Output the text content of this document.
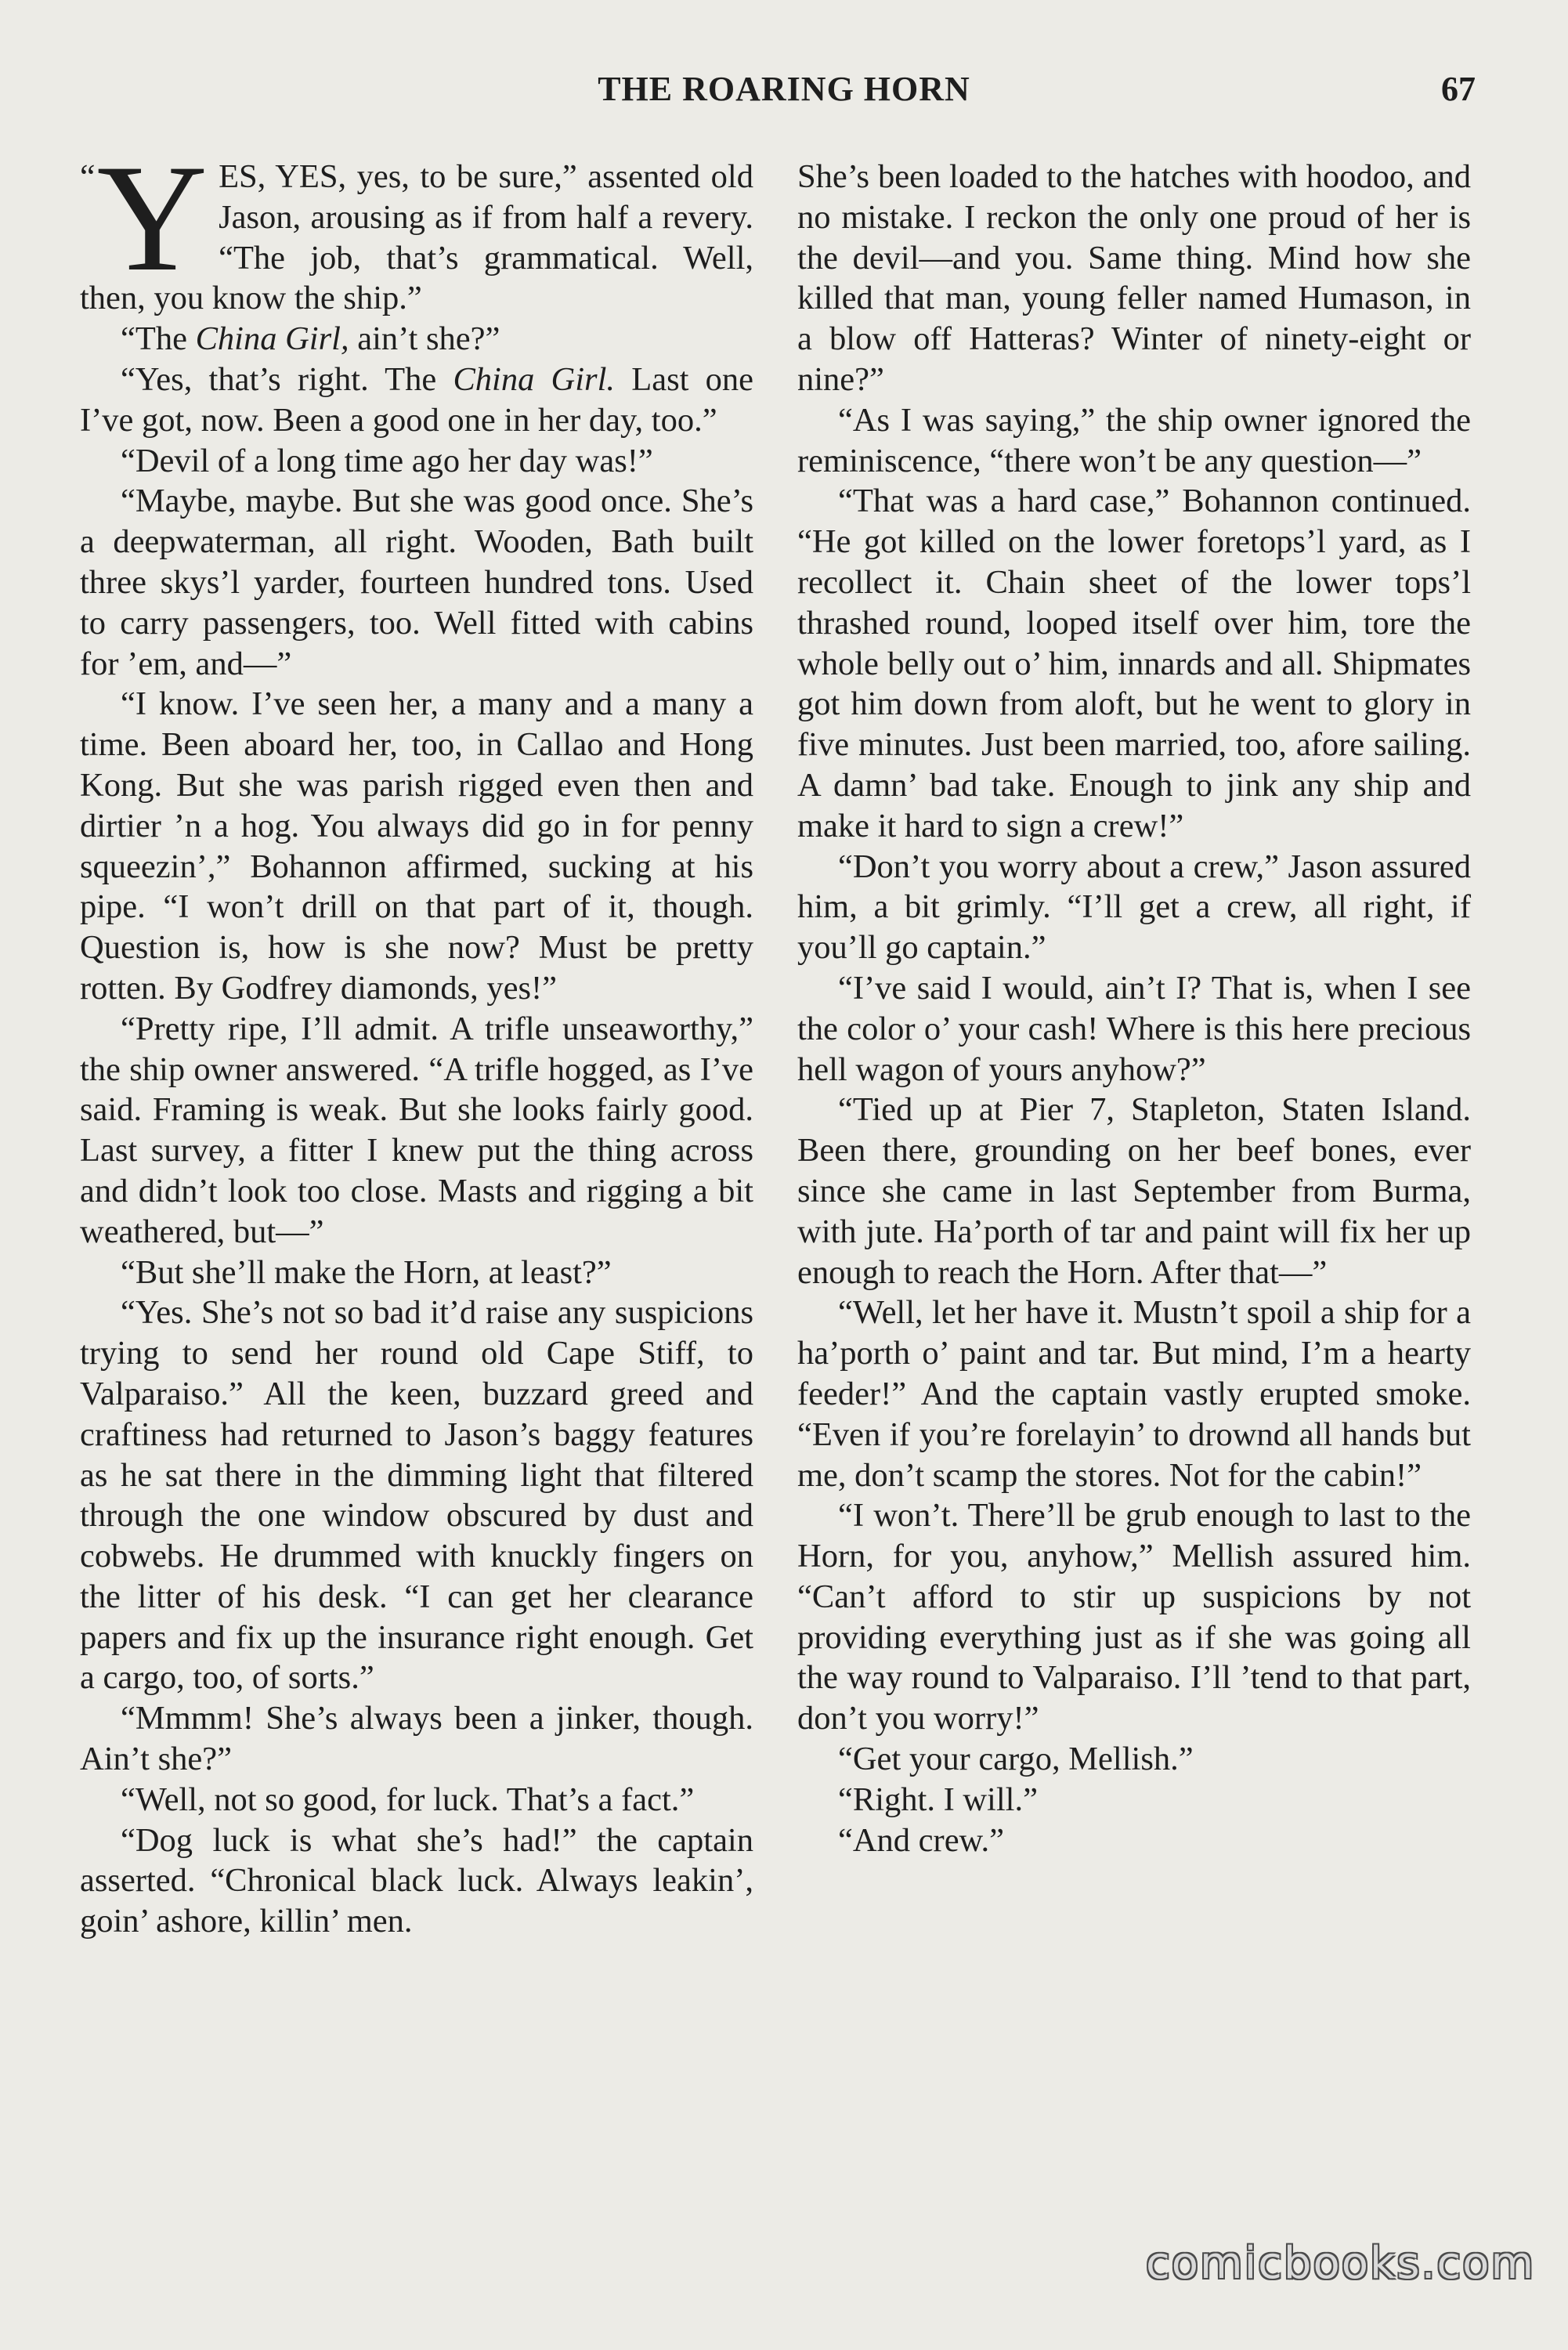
THE ROARING HORN	67

“ Y ES, YES, yes, to be sure,” assented old Jason, arousing as if from half a revery. “The job, that’s grammatical. Well, then, you know the ship.”

“The China Girl, ain’t she?”

“Yes, that’s right. The China Girl. Last one I’ve got, now. Been a good one in her day, too.”

“Devil of a long time ago her day was!”

“Maybe, maybe. But she was good once. She’s a deepwaterman, all right. Wooden, Bath built three skys’l yarder, fourteen hundred tons. Used to carry passengers, too. Well fitted with cabins for ’em, and—”

“I know. I’ve seen her, a many and a many a time. Been aboard her, too, in Callao and Hong Kong. But she was parish rigged even then and dirtier ’n a hog. You always did go in for penny squeezin’,” Bohannon affirmed, sucking at his pipe. “I won’t drill on that part of it, though. Question is, how is she now? Must be pretty rotten. By Godfrey diamonds, yes!”

“Pretty ripe, I’ll admit. A trifle unseaworthy,” the ship owner answered. “A trifle hogged, as I’ve said. Framing is weak. But she looks fairly good. Last survey, a fitter I knew put the thing across and didn’t look too close. Masts and rigging a bit weathered, but—”

“But she’ll make the Horn, at least?”

“Yes. She’s not so bad it’d raise any suspicions trying to send her round old Cape Stiff, to Valparaiso.” All the keen, buzzard greed and craftiness had returned to Jason’s baggy features as he sat there in the dimming light that filtered through the one window obscured by dust and cobwebs. He drummed with knuckly fingers on the litter of his desk. “I can get her clearance papers and fix up the insurance right enough. Get a cargo, too, of sorts.”

“Mmmm! She’s always been a jinker, though. Ain’t she?”

“Well, not so good, for luck. That’s a fact.”

“Dog luck is what she’s had!” the captain asserted. “Chronical black luck. Always leakin’, goin’ ashore, killin’ men.

She’s been loaded to the hatches with hoodoo, and no mistake. I reckon the only one proud of her is the devil—and you. Same thing. Mind how she killed that man, young feller named Humason, in a blow off Hatteras? Winter of ninety-eight or nine?”

“As I was saying,” the ship owner ignored the reminiscence, “there won’t be any question—”

“That was a hard case,” Bohannon continued. “He got killed on the lower foretops’l yard, as I recollect it. Chain sheet of the lower tops’l thrashed round, looped itself over him, tore the whole belly out o’ him, innards and all. Shipmates got him down from aloft, but he went to glory in five minutes. Just been married, too, afore sailing. A damn’ bad take. Enough to jink any ship and make it hard to sign a crew!”

“Don’t you worry about a crew,” Jason assured him, a bit grimly. “I’ll get a crew, all right, if you’ll go captain.”

“I’ve said I would, ain’t I? That is, when I see the color o’ your cash! Where is this here precious hell wagon of yours anyhow?”

“Tied up at Pier 7, Stapleton, Staten Island. Been there, grounding on her beef bones, ever since she came in last September from Burma, with jute. Ha’porth of tar and paint will fix her up enough to reach the Horn. After that—”

“Well, let her have it. Mustn’t spoil a ship for a ha’porth o’ paint and tar. But mind, I’m a hearty feeder!” And the captain vastly erupted smoke. “Even if you’re forelayin’ to drownd all hands but me, don’t scamp the stores. Not for the cabin!”

“I won’t. There’ll be grub enough to last to the Horn, for you, anyhow,” Mellish assured him. “Can’t afford to stir up suspicions by not providing everything just as if she was going all the way round to Valparaiso. I’ll ’tend to that part, don’t you worry!”

“Get your cargo, Mellish.”

“Right. I will.”

“And crew.”

comicbooks.com
